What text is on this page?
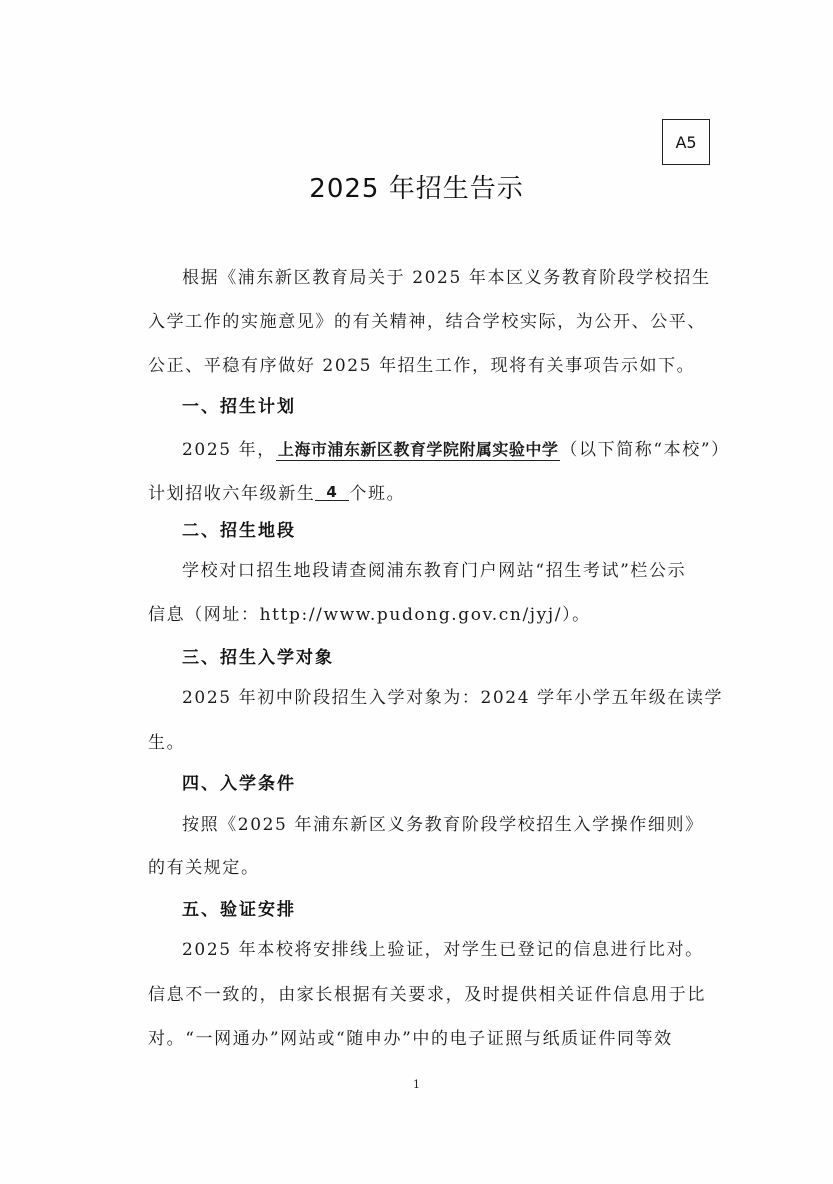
A5
2025 年招生告示
根据《浦东新区教育局关于 2025 年本区义务教育阶段学校招生
入学工作的实施意见》的有关精神，结合学校实际，为公开、公平、
公正、平稳有序做好 2025 年招生工作，现将有关事项告示如下。
一、招生计划
2025 年， 上海市浦东新区教育学院附属实验中学 （以下简称“本校”）
计划招收六年级新生 4 个班。
二、招生地段
学校对口招生地段请查阅浦东教育门户网站“招生考试”栏公示
信息（网址：http://www.pudong.gov.cn/jyj/）。
三、招生入学对象
2025 年初中阶段招生入学对象为：2024 学年小学五年级在读学
生。
四、入学条件
按照《2025 年浦东新区义务教育阶段学校招生入学操作细则》
的有关规定。
五、验证安排
2025 年本校将安排线上验证，对学生已登记的信息进行比对。
信息不一致的，由家长根据有关要求，及时提供相关证件信息用于比
对。“一网通办”网站或“随申办”中的电子证照与纸质证件同等效
1
